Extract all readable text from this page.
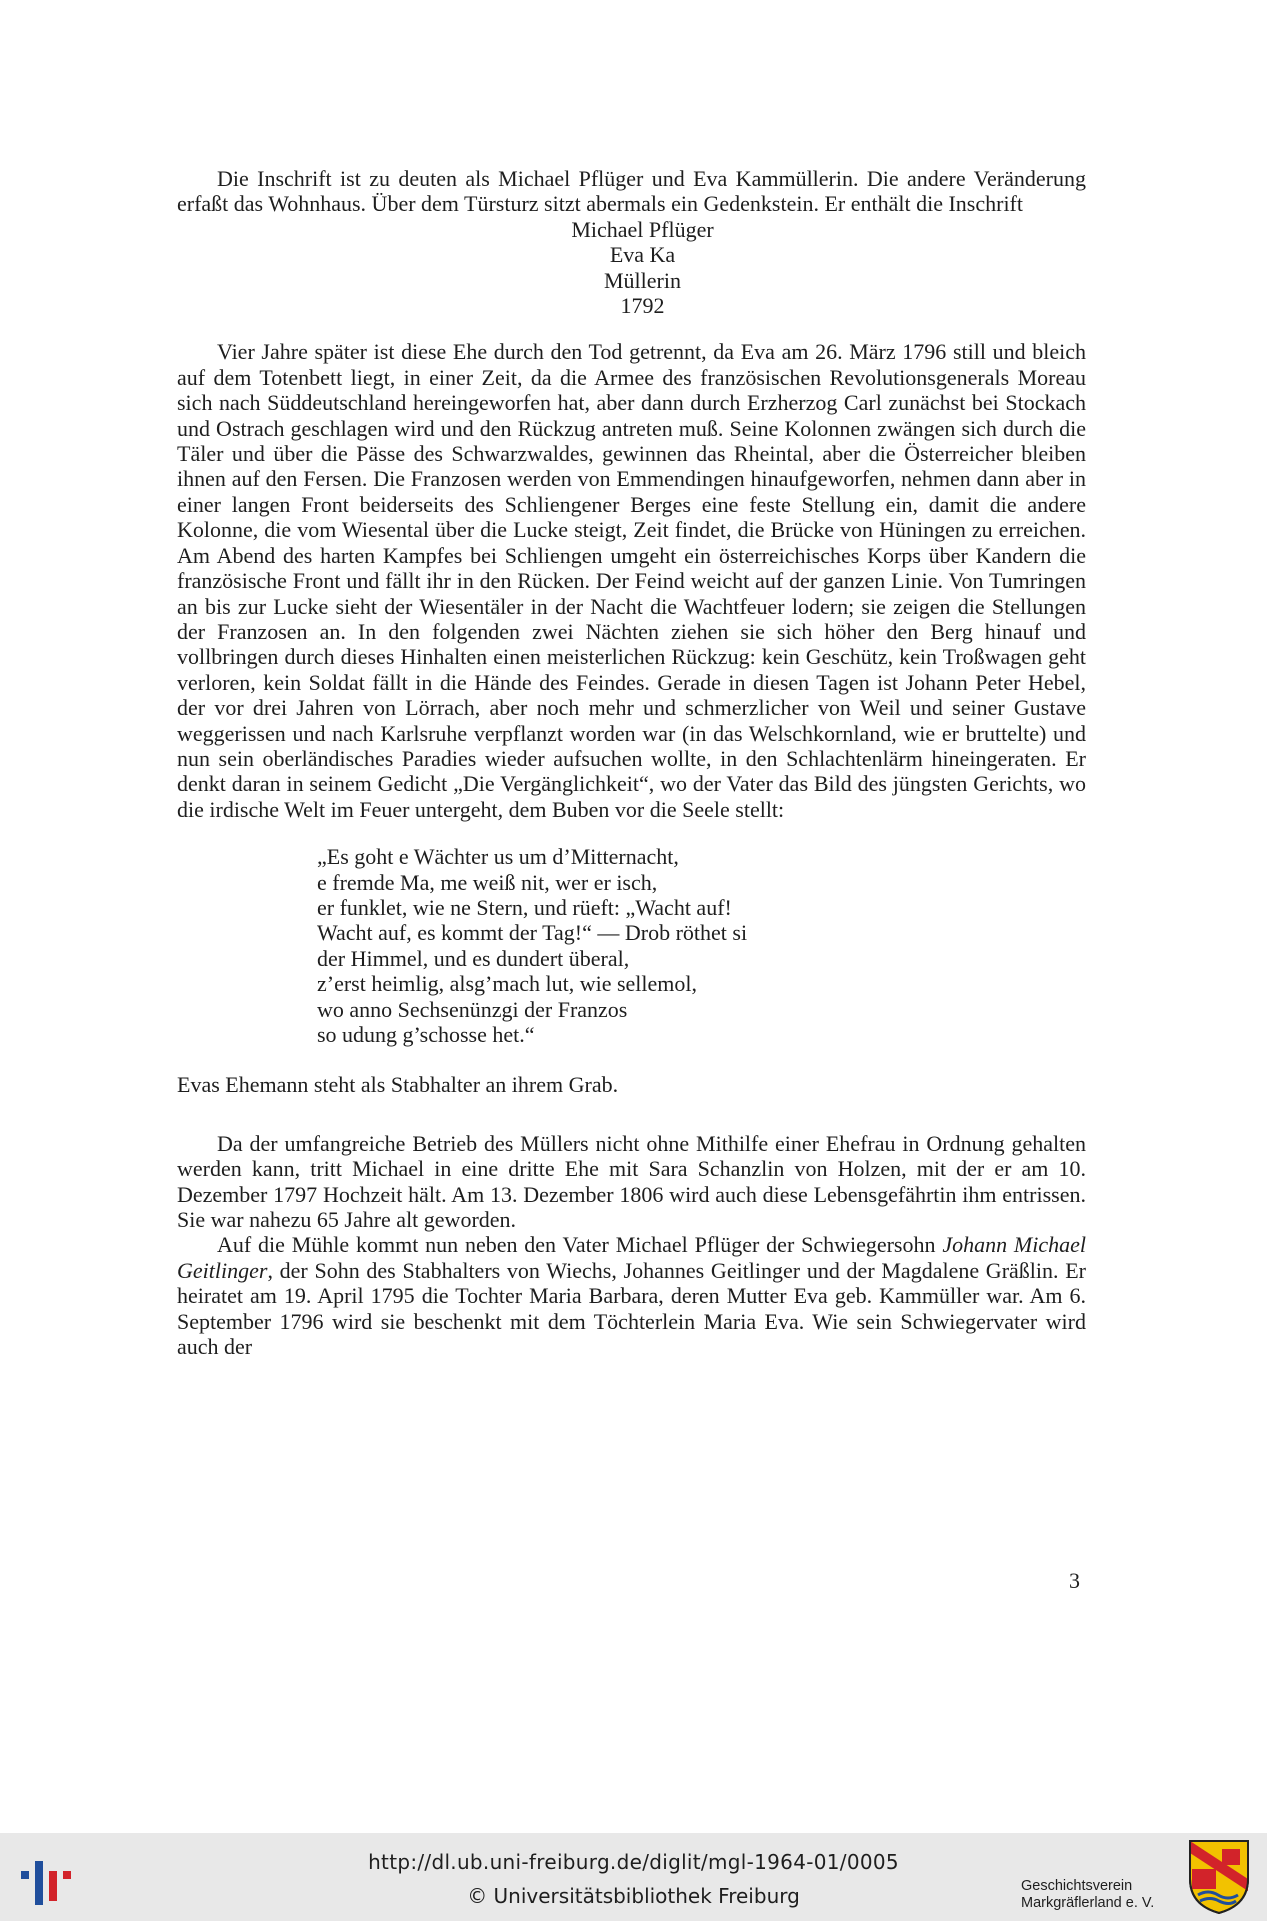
Die Inschrift ist zu deuten als Michael Pflüger und Eva Kammüllerin. Die andere Veränderung erfaßt das Wohnhaus. Über dem Türsturz sitzt abermals ein Gedenkstein. Er enthält die Inschrift

Michael Pflüger
Eva Ka
Müllerin
1792

Vier Jahre später ist diese Ehe durch den Tod getrennt, da Eva am 26. März 1796 still und bleich auf dem Totenbett liegt, in einer Zeit, da die Armee des französischen Revolutionsgenerals Moreau sich nach Süddeutschland hereingeworfen hat, aber dann durch Erzherzog Carl zunächst bei Stockach und Ostrach geschlagen wird und den Rückzug antreten muß. Seine Kolonnen zwängen sich durch die Täler und über die Pässe des Schwarzwaldes, gewinnen das Rheintal, aber die Österreicher bleiben ihnen auf den Fersen. Die Franzosen werden von Emmendingen hinaufgeworfen, nehmen dann aber in einer langen Front beiderseits des Schliengener Berges eine feste Stellung ein, damit die andere Kolonne, die vom Wiesental über die Lucke steigt, Zeit findet, die Brücke von Hüningen zu erreichen. Am Abend des harten Kampfes bei Schliengen umgeht ein österreichisches Korps über Kandern die französische Front und fällt ihr in den Rücken. Der Feind weicht auf der ganzen Linie. Von Tumringen an bis zur Lucke sieht der Wiesentäler in der Nacht die Wachtfeuer lodern; sie zeigen die Stellungen der Franzosen an. In den folgenden zwei Nächten ziehen sie sich höher den Berg hinauf und vollbringen durch dieses Hinhalten einen meisterlichen Rückzug: kein Geschütz, kein Troßwagen geht verloren, kein Soldat fällt in die Hände des Feindes. Gerade in diesen Tagen ist Johann Peter Hebel, der vor drei Jahren von Lörrach, aber noch mehr und schmerzlicher von Weil und seiner Gustave weggerissen und nach Karlsruhe verpflanzt worden war (in das Welschkornland, wie er bruttelte) und nun sein oberländisches Paradies wieder aufsuchen wollte, in den Schlachtenlärm hineingeraten. Er denkt daran in seinem Gedicht „Die Vergänglichkeit“, wo der Vater das Bild des jüngsten Gerichts, wo die irdische Welt im Feuer untergeht, dem Buben vor die Seele stellt:

„Es goht e Wächter us um d’Mitternacht,
e fremde Ma, me weiß nit, wer er isch,
er funklet, wie ne Stern, und rüeft: „Wacht auf!
Wacht auf, es kommt der Tag!“ — Drob röthet si
der Himmel, und es dundert überal,
z’erst heimlig, alsg’mach lut, wie sellemol,
wo anno Sechsenünzgi der Franzos
so udung g’schosse het.“

Evas Ehemann steht als Stabhalter an ihrem Grab.

Da der umfangreiche Betrieb des Müllers nicht ohne Mithilfe einer Ehefrau in Ordnung gehalten werden kann, tritt Michael in eine dritte Ehe mit Sara Schanzlin von Holzen, mit der er am 10. Dezember 1797 Hochzeit hält. Am 13. Dezember 1806 wird auch diese Lebensgefährtin ihm entrissen. Sie war nahezu 65 Jahre alt geworden.

Auf die Mühle kommt nun neben den Vater Michael Pflüger der Schwiegersohn Johann Michael Geitlinger, der Sohn des Stabhalters von Wiechs, Johannes Geitlinger und der Magdalene Gräßlin. Er heiratet am 19. April 1795 die Tochter Maria Barbara, deren Mutter Eva geb. Kammüller war. Am 6. September 1796 wird sie beschenkt mit dem Töchterlein Maria Eva. Wie sein Schwiegervater wird auch der

3
http://dl.ub.uni-freiburg.de/diglit/mgl-1964-01/0005
© Universitätsbibliothek Freiburg	Geschichtsverein
Markgräflerland e. V.
